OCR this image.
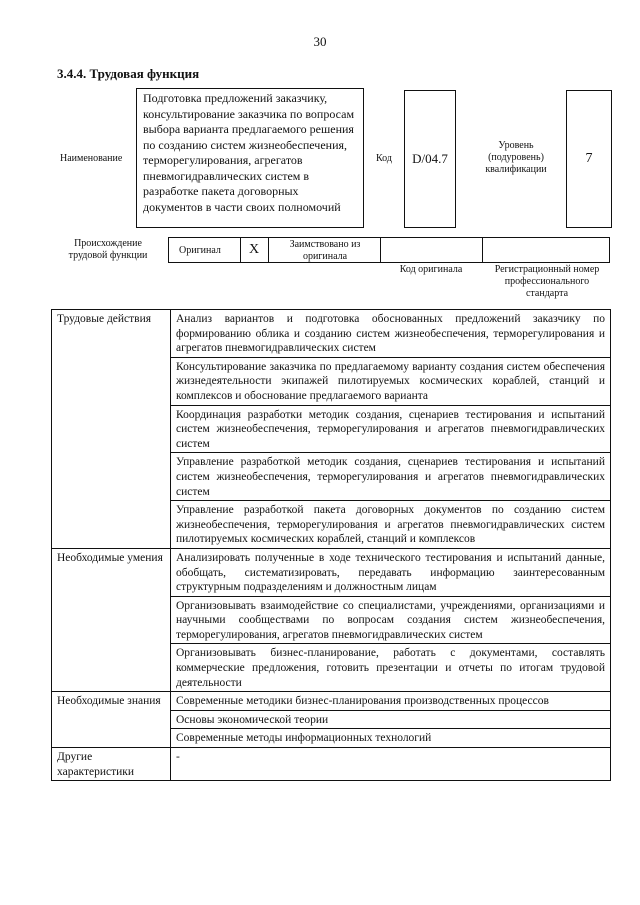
30
3.4.4. Трудовая функция
Наименование
Подготовка предложений заказчику, консультирование заказчика по вопросам выбора варианта предлагаемого решения по созданию систем жизнеобеспечения, терморегулирования, агрегатов пневмогидравлических систем в разработке пакета договорных документов в части своих полномочий
Код	D/04.7
Уровень (подуровень) квалификации
7
Происхождение трудовой функции	Оригинал X	Заимствовано из оригинала
Код оригинала	Регистрационный номер профессионального стандарта
Трудовые действия	Анализ вариантов и подготовка обоснованных предложений заказчику по формированию облика и созданию систем жизнеобеспечения, терморегулирования и агрегатов пневмогидравлических систем
	Консультирование заказчика по предлагаемому варианту создания систем обеспечения жизнедеятельности экипажей пилотируемых космических кораблей, станций и комплексов и обоснование предлагаемого варианта
	Координация разработки методик создания, сценариев тестирования и испытаний систем жизнеобеспечения, терморегулирования и агрегатов пневмогидравлических систем
	Управление разработкой методик создания, сценариев тестирования и испытаний систем жизнеобеспечения, терморегулирования и агрегатов пневмогидравлических систем
	Управление разработкой пакета договорных документов по созданию систем жизнеобеспечения, терморегулирования и агрегатов пневмогидравлических систем пилотируемых космических кораблей, станций и комплексов
Необходимые умения	Анализировать полученные в ходе технического тестирования и испытаний данные, обобщать, систематизировать, передавать информацию заинтересованным структурным подразделениям и должностным лицам
	Организовывать взаимодействие со специалистами, учреждениями, организациями и научными сообществами по вопросам создания систем жизнеобеспечения, терморегулирования, агрегатов пневмогидравлических систем
	Организовывать бизнес-планирование, работать с документами, составлять коммерческие предложения, готовить презентации и отчеты по итогам трудовой деятельности
Необходимые знания	Современные методики бизнес-планирования производственных процессов
	Основы экономической теории
	Современные методы информационных технологий
Другие характеристики	-
